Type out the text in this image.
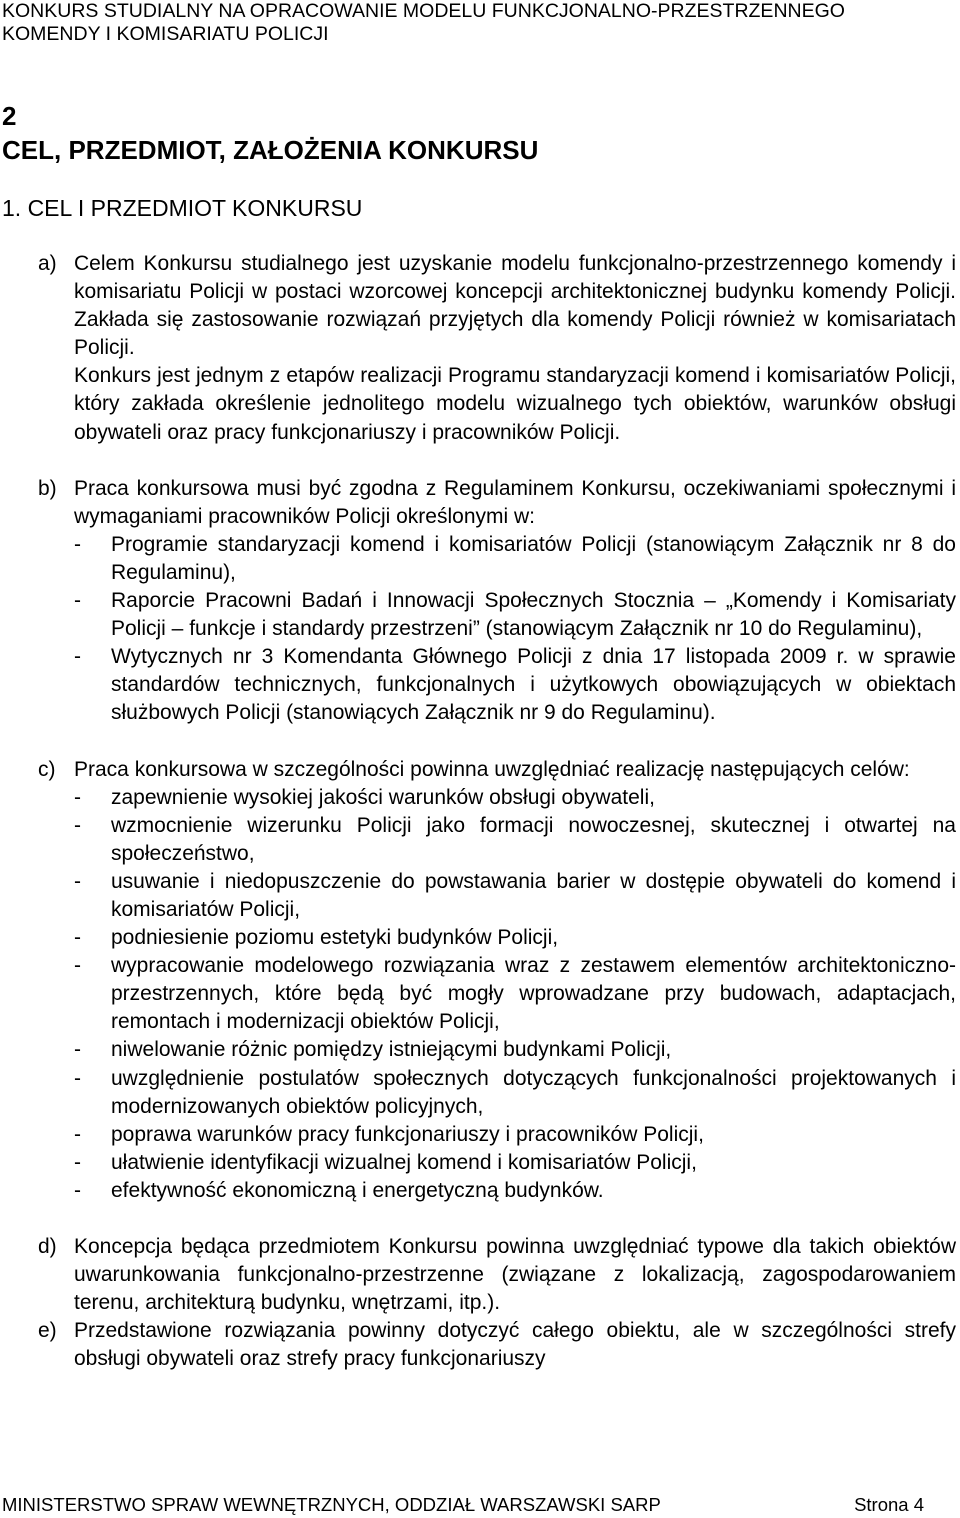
KONKURS STUDIALNY NA OPRACOWANIE MODELU FUNKCJONALNO-PRZESTRZENNEGO
KOMENDY I KOMISARIATU POLICJI
2
CEL, PRZEDMIOT, ZAŁOŻENIA KONKURSU
1. CEL I PRZEDMIOT KONKURSU
a) Celem Konkursu studialnego jest uzyskanie modelu funkcjonalno-przestrzennego komendy i komisariatu Policji w postaci wzorcowej koncepcji architektonicznej budynku komendy Policji. Zakłada się zastosowanie rozwiązań przyjętych dla komendy Policji również w komisariatach Policji.

Konkurs jest jednym z etapów realizacji Programu standaryzacji komend i komisariatów Policji, który zakłada określenie jednolitego modelu wizualnego tych obiektów, warunków obsługi obywateli oraz pracy funkcjonariuszy i pracowników Policji.

b) Praca konkursowa musi być zgodna z Regulaminem Konkursu, oczekiwaniami społecznymi i wymaganiami pracowników Policji określonymi w:

- Programie standaryzacji komend i komisariatów Policji (stanowiącym Załącznik nr 8 do Regulaminu),
- Raporcie Pracowni Badań i Innowacji Społecznych Stocznia – „Komendy i Komisariaty Policji – funkcje i standardy przestrzeni” (stanowiącym Załącznik nr 10 do Regulaminu),
- Wytycznych nr 3 Komendanta Głównego Policji z dnia 17 listopada 2009 r. w sprawie standardów technicznych, funkcjonalnych i użytkowych obowiązujących w obiektach służbowych Policji (stanowiących Załącznik nr 9 do Regulaminu).
c) Praca konkursowa w szczególności powinna uwzględniać realizację następujących celów:

- zapewnienie wysokiej jakości warunków obsługi obywateli,
- wzmocnienie wizerunku Policji jako formacji nowoczesnej, skutecznej i otwartej na społeczeństwo,
- usuwanie i niedopuszczenie do powstawania barier w dostępie obywateli do komend i komisariatów Policji,
- podniesienie poziomu estetyki budynków Policji,
- wypracowanie modelowego rozwiązania wraz z zestawem elementów architektoniczno-przestrzennych, które będą być mogły wprowadzane przy budowach, adaptacjach, remontach i modernizacji obiektów Policji,
- niwelowanie różnic pomiędzy istniejącymi budynkami Policji,
- uwzględnienie postulatów społecznych dotyczących funkcjonalności projektowanych i modernizowanych obiektów policyjnych,
- poprawa warunków pracy funkcjonariuszy i pracowników Policji,
- ułatwienie identyfikacji wizualnej komend i komisariatów Policji,
- efektywność ekonomiczną i energetyczną budynków.
d) Koncepcja będąca przedmiotem Konkursu powinna uwzględniać typowe dla takich obiektów uwarunkowania funkcjonalno-przestrzenne (związane z lokalizacją, zagospodarowaniem terenu, architekturą budynku, wnętrzami, itp.).

e) Przedstawione rozwiązania powinny dotyczyć całego obiektu, ale w szczególności strefy obsługi obywateli oraz strefy pracy funkcjonariuszy

MINISTERSTWO SPRAW WEWNĘTRZNYCH, ODDZIAŁ WARSZAWSKI SARP	Strona 4
